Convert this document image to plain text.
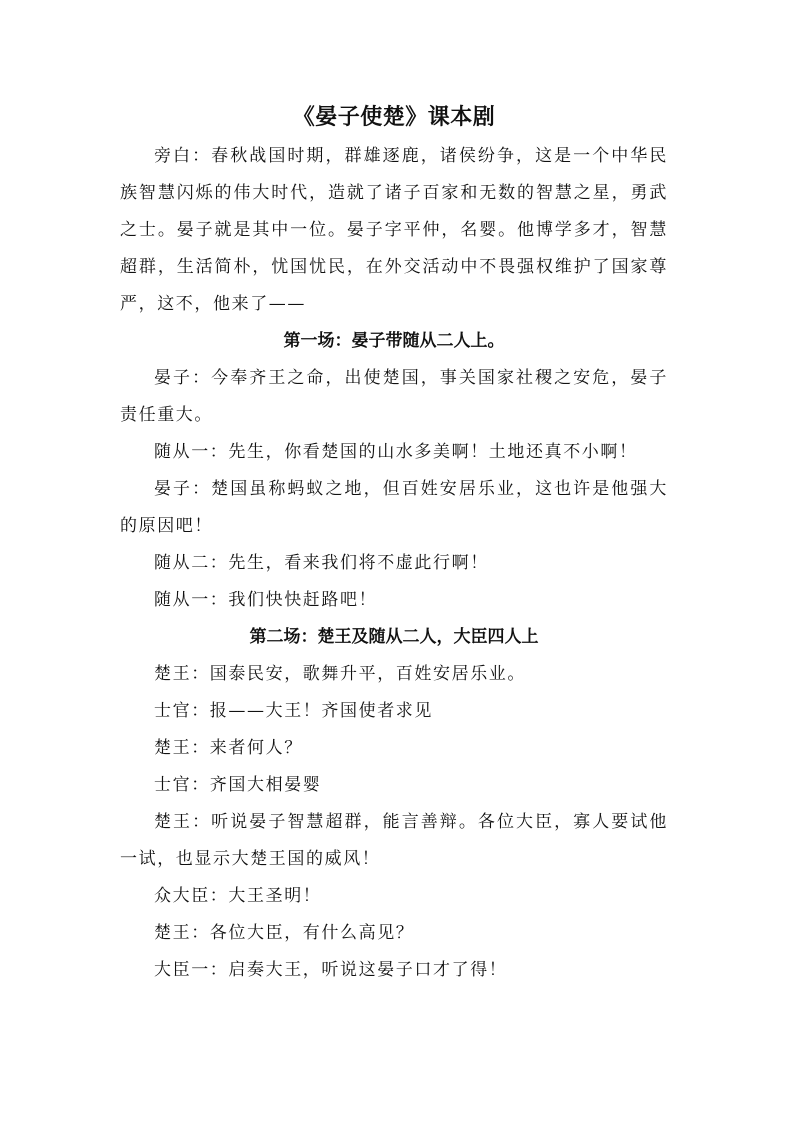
《晏子使楚》课本剧

旁白：春秋战国时期，群雄逐鹿，诸侯纷争，这是一个中华民族智慧闪烁的伟大时代，造就了诸子百家和无数的智慧之星，勇武之士。晏子就是其中一位。晏子字平仲，名婴。他博学多才，智慧超群，生活简朴，忧国忧民，在外交活动中不畏强权维护了国家尊严，这不，他来了——

第一场：晏子带随从二人上。

晏子：今奉齐王之命，出使楚国，事关国家社稷之安危，晏子责任重大。

随从一：先生，你看楚国的山水多美啊！土地还真不小啊！

晏子：楚国虽称蚂蚁之地，但百姓安居乐业，这也许是他强大的原因吧！

随从二：先生，看来我们将不虚此行啊！

随从一：我们快快赶路吧！

第二场：楚王及随从二人，大臣四人上

楚王：国泰民安，歌舞升平，百姓安居乐业。

士官：报——大王！齐国使者求见

楚王：来者何人？

士官：齐国大相晏婴

楚王：听说晏子智慧超群，能言善辩。各位大臣，寡人要试他一试，也显示大楚王国的威风！

众大臣：大王圣明！

楚王：各位大臣，有什么高见？

大臣一：启奏大王，听说这晏子口才了得！
